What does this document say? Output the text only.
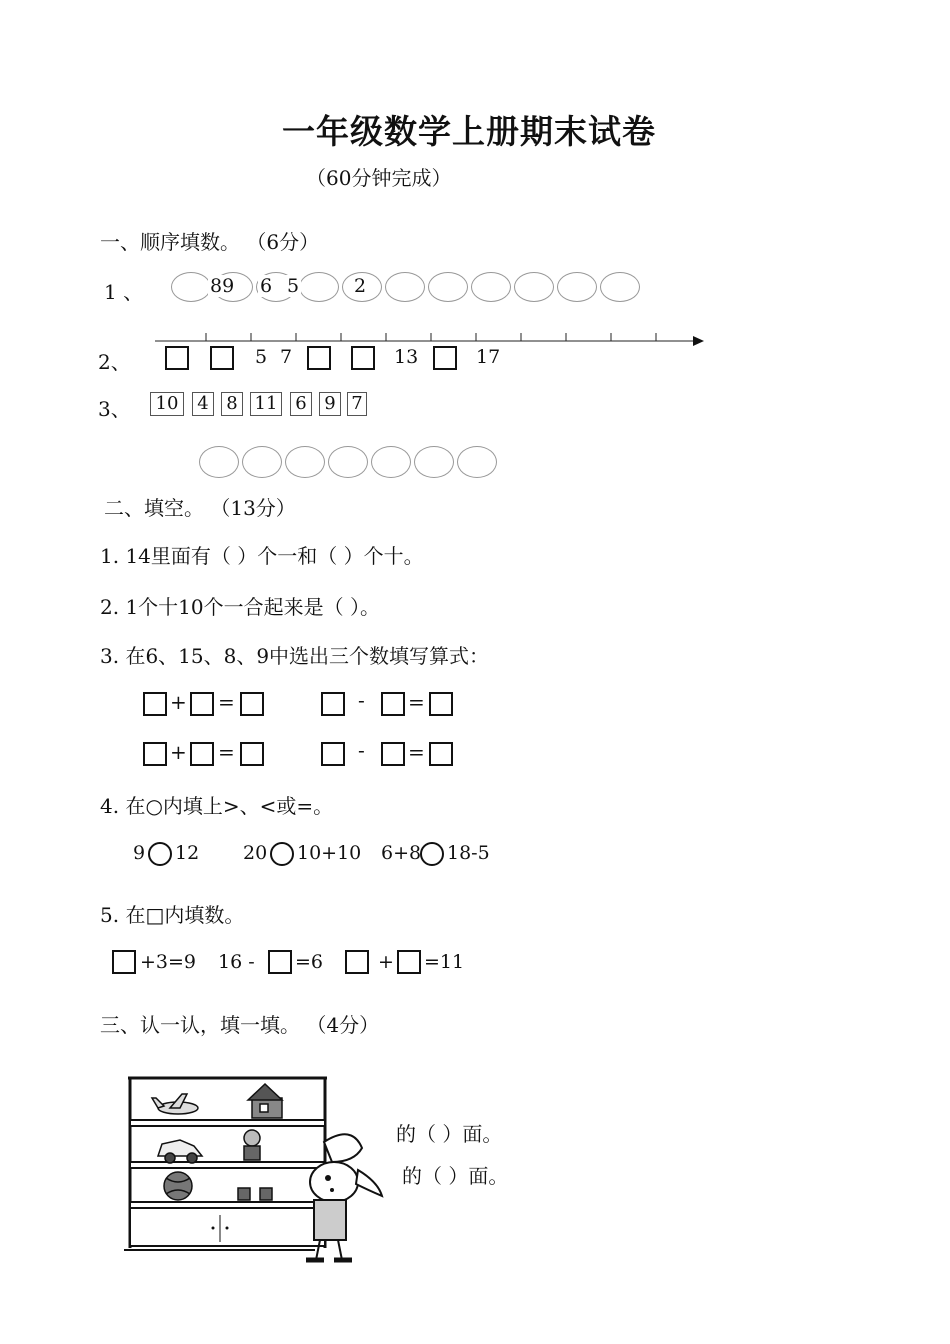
一年级数学上册期末试卷
（60分钟完成）
一、顺序填数。 （6分）
1 、	89 6 5	2
2、	5 7	13	17
3、	10	4 8 11 6 9 7
二、填空。 （13分）
1. 14里面有（ ）个一和（ ）个十。
2. 1个十10个一合起来是（ ）。
3. 在6、15、8、9中选出三个数填写算式：
+ =	- =
+ =	- =
4. 在○内填上>、<或=。
9 12 20 10+10 6+8 18-5
5. 在□内填数。
+3=9 16 - =6	+ =11
三、认一认，填一填。 （4分）
的（ ）面。
的（ ）面。
